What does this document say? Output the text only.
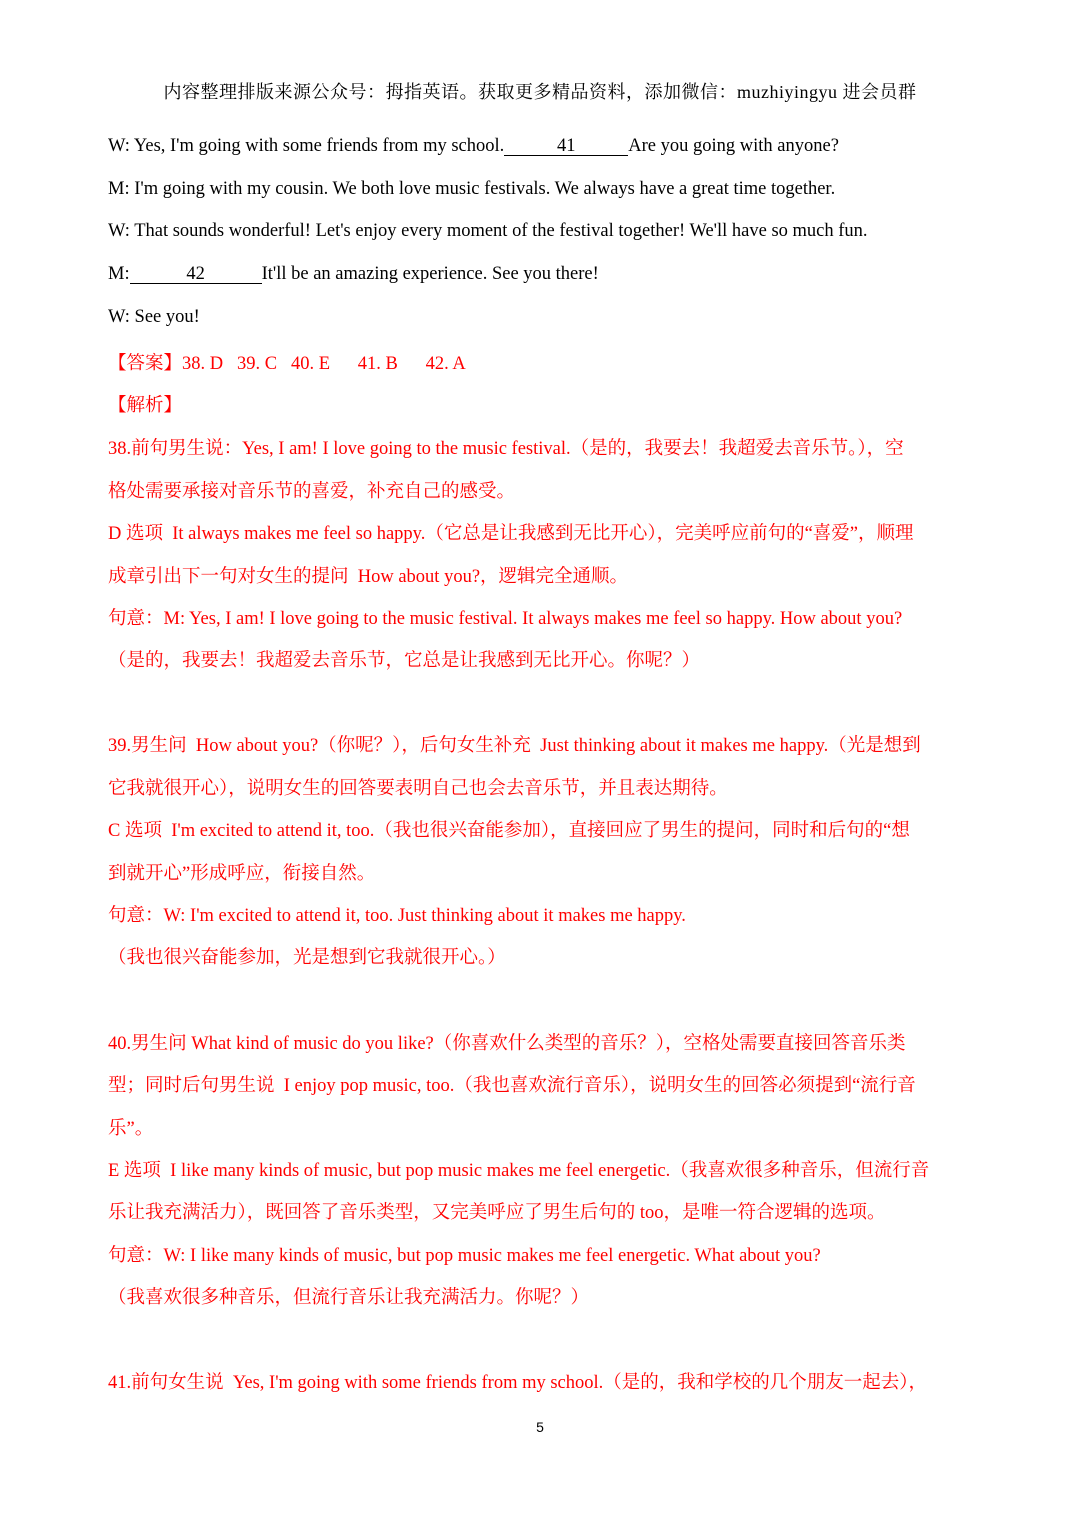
内容整理排版来源公众号：拇指英语。获取更多精品资料，添加微信：muzhiyingyu 进会员群
W: Yes, I'm going with some friends from my school.	41	Are you going with anyone?
M: I'm going with my cousin. We both love music festivals. We always have a great time together.
W: That sounds wonderful! Let's enjoy every moment of the festival together! We'll have so much fun.
M:	42	It'll be an amazing experience. See you there!
W: See you!
【答案】38. D   39. C   40. E      41. B      42. A
【解析】
38.前句男生说：Yes, I am! I love going to the music festival.（是的，我要去！我超爱去音乐节。），空
格处需要承接对音乐节的喜爱，补充自己的感受。
D 选项  It always makes me feel so happy.（它总是让我感到无比开心），完美呼应前句的“喜爱”，顺理
成章引出下一句对女生的提问  How about you?，逻辑完全通顺。
句意：M: Yes, I am! I love going to the music festival. It always makes me feel so happy. How about you?
（是的，我要去！我超爱去音乐节，它总是让我感到无比开心。你呢？）
39.男生问  How about you?（你呢？），后句女生补充  Just thinking about it makes me happy.（光是想到
它我就很开心），说明女生的回答要表明自己也会去音乐节，并且表达期待。
C 选项  I'm excited to attend it, too.（我也很兴奋能参加），直接回应了男生的提问，同时和后句的“想
到就开心”形成呼应，衔接自然。
句意：W: I'm excited to attend it, too. Just thinking about it makes me happy.
（我也很兴奋能参加，光是想到它我就很开心。）
40.男生问 What kind of music do you like?（你喜欢什么类型的音乐？），空格处需要直接回答音乐类
型；同时后句男生说  I enjoy pop music, too.（我也喜欢流行音乐），说明女生的回答必须提到“流行音
乐”。
E 选项  I like many kinds of music, but pop music makes me feel energetic.（我喜欢很多种音乐，但流行音
乐让我充满活力），既回答了音乐类型，又完美呼应了男生后句的 too，是唯一符合逻辑的选项。
句意：W: I like many kinds of music, but pop music makes me feel energetic. What about you?
（我喜欢很多种音乐，但流行音乐让我充满活力。你呢？）
41.前句女生说  Yes, I'm going with some friends from my school.（是的，我和学校的几个朋友一起去），
5
